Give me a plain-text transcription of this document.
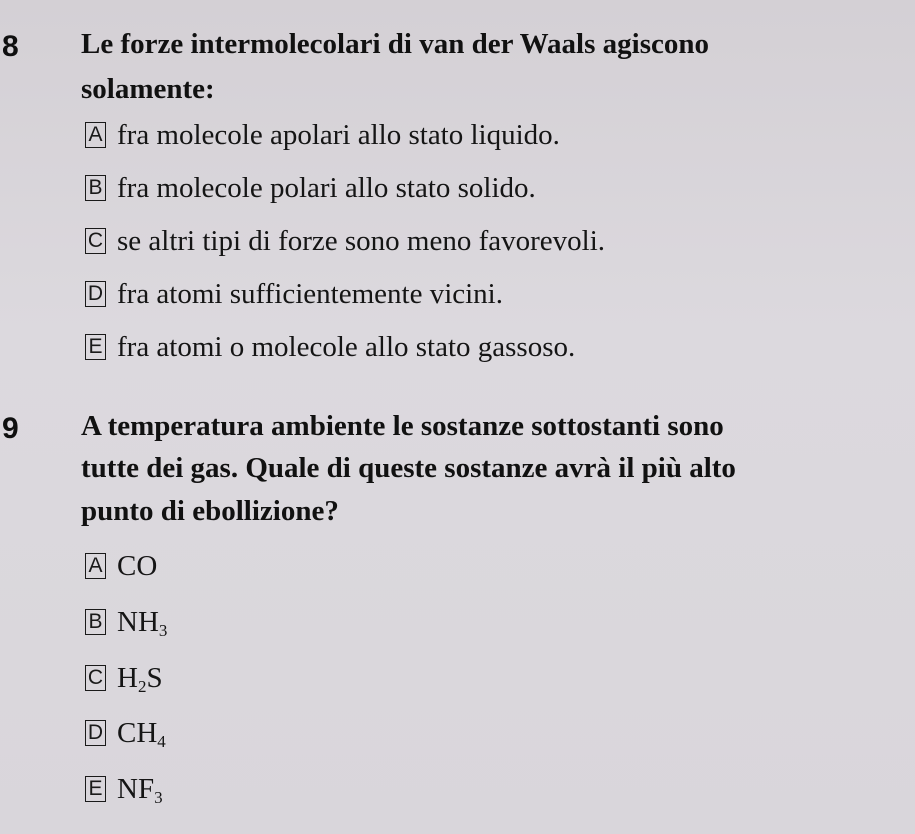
8 Le forze intermolecolari di van der Waals agiscono
solamente:
A fra molecole apolari allo stato liquido.
B fra molecole polari allo stato solido.
C se altri tipi di forze sono meno favorevoli.
D fra atomi sufficientemente vicini.
E fra atomi o molecole allo stato gassoso.
9 A temperatura ambiente le sostanze sottostanti sono
tutte dei gas. Quale di queste sostanze avrà il più alto
punto di ebollizione?
A CO
B $NH_3$
C $H_2S$
D $CH_4$
E $NF_3$
